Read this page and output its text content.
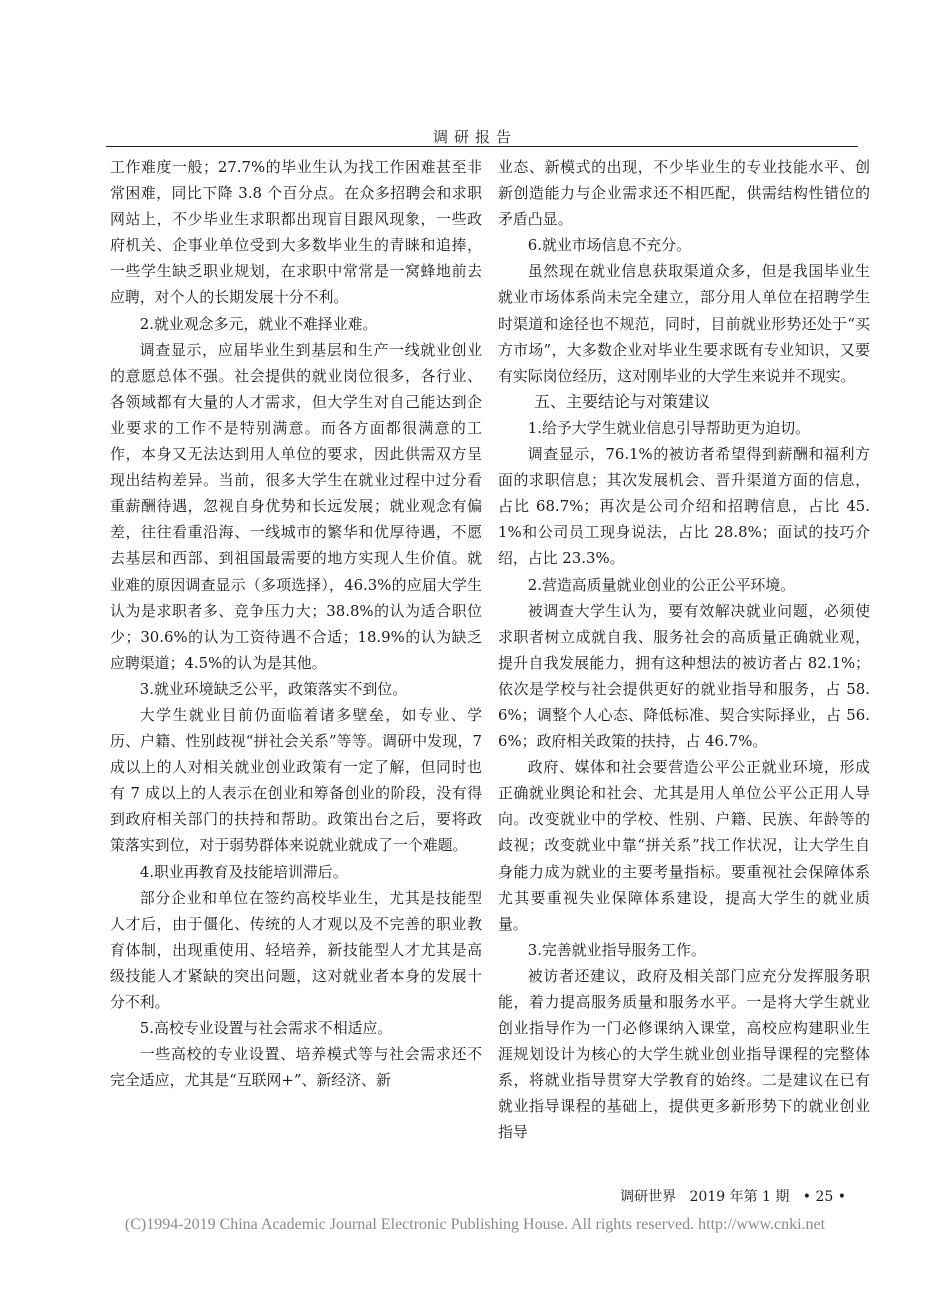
调研报告

工作难度一般；27.7%的毕业生认为找工作困难甚至非常困难，同比下降 3.8 个百分点。在众多招聘会和求职网站上，不少毕业生求职都出现盲目跟风现象，一些政府机关、企事业单位受到大多数毕业生的青睐和追捧，一些学生缺乏职业规划，在求职中常常是一窝蜂地前去应聘，对个人的长期发展十分不利。

2.就业观念多元，就业不难择业难。

调查显示，应届毕业生到基层和生产一线就业创业的意愿总体不强。社会提供的就业岗位很多，各行业、各领域都有大量的人才需求，但大学生对自己能达到企业要求的工作不是特别满意。而各方面都很满意的工作，本身又无法达到用人单位的要求，因此供需双方呈现出结构差异。当前，很多大学生在就业过程中过分看重薪酬待遇，忽视自身优势和长远发展；就业观念有偏差，往往看重沿海、一线城市的繁华和优厚待遇，不愿去基层和西部、到祖国最需要的地方实现人生价值。就业难的原因调查显示（多项选择），46.3%的应届大学生认为是求职者多、竞争压力大；38.8%的认为适合职位少；30.6%的认为工资待遇不合适；18.9%的认为缺乏应聘渠道；4.5%的认为是其他。

3.就业环境缺乏公平，政策落实不到位。

大学生就业目前仍面临着诸多壁垒，如专业、学历、户籍、性别歧视“拼社会关系”等等。调研中发现，7 成以上的人对相关就业创业政策有一定了解，但同时也有 7 成以上的人表示在创业和筹备创业的阶段，没有得到政府相关部门的扶持和帮助。政策出台之后，要将政策落实到位，对于弱势群体来说就业就成了一个难题。

4.职业再教育及技能培训滞后。

部分企业和单位在签约高校毕业生，尤其是技能型人才后，由于僵化、传统的人才观以及不完善的职业教育体制，出现重使用、轻培养，新技能型人才尤其是高级技能人才紧缺的突出问题，这对就业者本身的发展十分不利。

5.高校专业设置与社会需求不相适应。

一些高校的专业设置、培养模式等与社会需求还不完全适应，尤其是“互联网+”、新经济、新

业态、新模式的出现，不少毕业生的专业技能水平、创新创造能力与企业需求还不相匹配，供需结构性错位的矛盾凸显。

6.就业市场信息不充分。

虽然现在就业信息获取渠道众多，但是我国毕业生就业市场体系尚未完全建立，部分用人单位在招聘学生时渠道和途径也不规范，同时，目前就业形势还处于“买方市场”，大多数企业对毕业生要求既有专业知识，又要有实际岗位经历，这对刚毕业的大学生来说并不现实。

五、主要结论与对策建议

1.给予大学生就业信息引导帮助更为迫切。

调查显示，76.1%的被访者希望得到薪酬和福利方面的求职信息；其次发展机会、晋升渠道方面的信息，占比 68.7%；再次是公司介绍和招聘信息，占比 45.1%和公司员工现身说法，占比 28.8%；面试的技巧介绍，占比 23.3%。

2.营造高质量就业创业的公正公平环境。

被调查大学生认为，要有效解决就业问题，必须使求职者树立成就自我、服务社会的高质量正确就业观，提升自我发展能力，拥有这种想法的被访者占 82.1%；依次是学校与社会提供更好的就业指导和服务，占 58.6%；调整个人心态、降低标准、契合实际择业，占 56.6%；政府相关政策的扶持，占 46.7%。

政府、媒体和社会要营造公平公正就业环境，形成正确就业舆论和社会、尤其是用人单位公平公正用人导向。改变就业中的学校、性别、户籍、民族、年龄等的歧视；改变就业中靠“拼关系”找工作状况，让大学生自身能力成为就业的主要考量指标。要重视社会保障体系尤其要重视失业保障体系建设，提高大学生的就业质量。

3.完善就业指导服务工作。

被访者还建议，政府及相关部门应充分发挥服务职能，着力提高服务质量和服务水平。一是将大学生就业创业指导作为一门必修课纳入课堂，高校应构建职业生涯规划设计为核心的大学生就业创业指导课程的完整体系，将就业指导贯穿大学教育的始终。二是建议在已有就业指导课程的基础上，提供更多新形势下的就业创业指导

调研世界   2019 年第 1 期   • 25 •
(C)1994-2019 China Academic Journal Electronic Publishing House. All rights reserved. http://www.cnki.net
